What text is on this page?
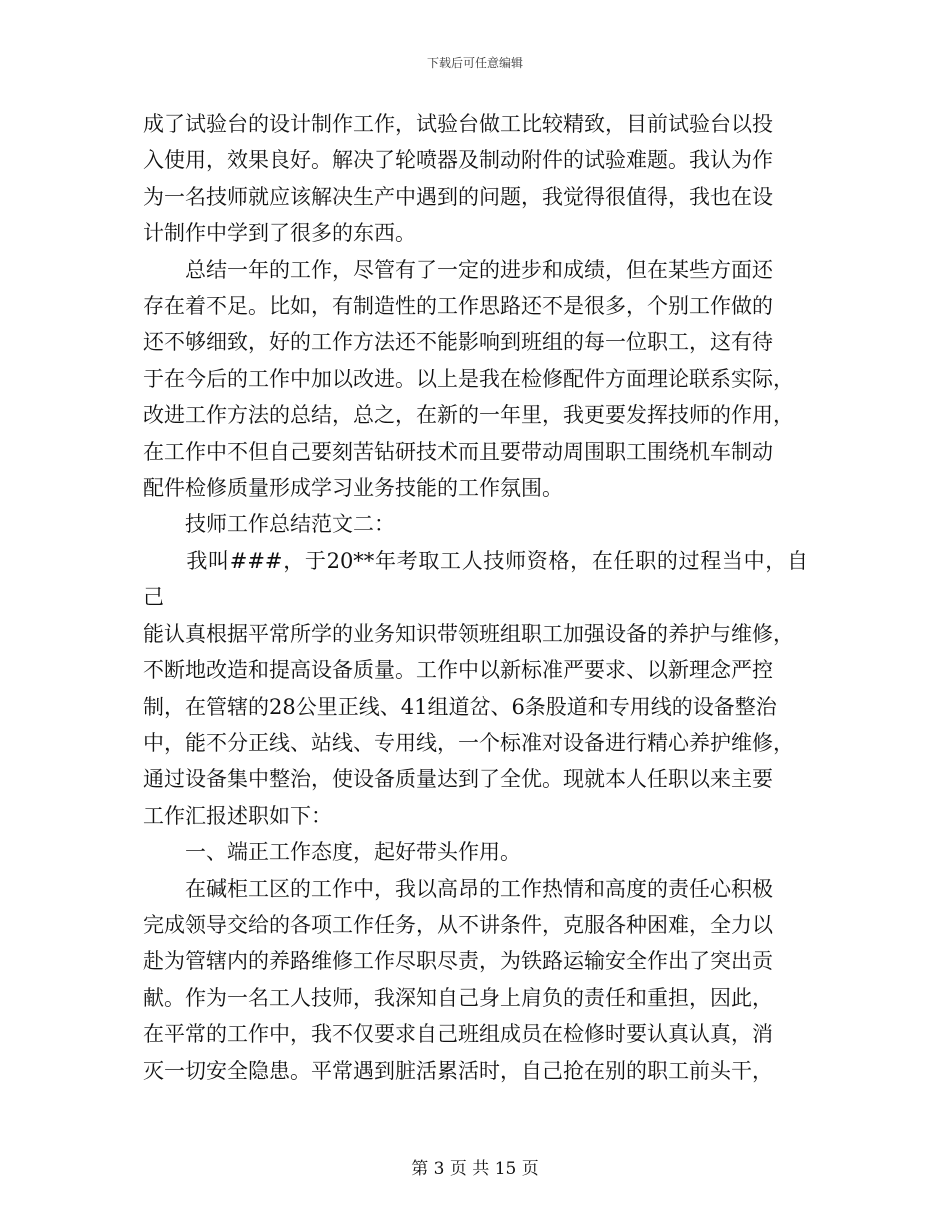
下载后可任意编辑

成了试验台的设计制作工作，试验台做工比较精致，目前试验台以投

入使用，效果良好。解决了轮喷器及制动附件的试验难题。我认为作

为一名技师就应该解决生产中遇到的问题，我觉得很值得，我也在设

计制作中学到了很多的东西。

　　总结一年的工作，尽管有了一定的进步和成绩，但在某些方面还

存在着不足。比如，有制造性的工作思路还不是很多，个别工作做的

还不够细致，好的工作方法还不能影响到班组的每一位职工，这有待

于在今后的工作中加以改进。以上是我在检修配件方面理论联系实际，

改进工作方法的总结，总之，在新的一年里，我更要发挥技师的作用，

在工作中不但自己要刻苦钻研技术而且要带动周围职工围绕机车制动

配件检修质量形成学习业务技能的工作氛围。

　　技师工作总结范文二：

　　我叫###，于20**年考取工人技师资格，在任职的过程当中，自己

能认真根据平常所学的业务知识带领班组职工加强设备的养护与维修，

不断地改造和提高设备质量。工作中以新标准严要求、以新理念严控

制，在管辖的28公里正线、41组道岔、6条股道和专用线的设备整治

中，能不分正线、站线、专用线，一个标准对设备进行精心养护维修，

通过设备集中整治，使设备质量达到了全优。现就本人任职以来主要

工作汇报述职如下：

　　一、端正工作态度，起好带头作用。

　　在碱柜工区的工作中，我以高昂的工作热情和高度的责任心积极

完成领导交给的各项工作任务，从不讲条件，克服各种困难，全力以

赴为管辖内的养路维修工作尽职尽责，为铁路运输安全作出了突出贡

献。作为一名工人技师，我深知自己身上肩负的责任和重担，因此，

在平常的工作中，我不仅要求自己班组成员在检修时要认真认真，消

灭一切安全隐患。平常遇到脏活累活时，自己抢在别的职工前头干，

第 3 页 共 15 页
